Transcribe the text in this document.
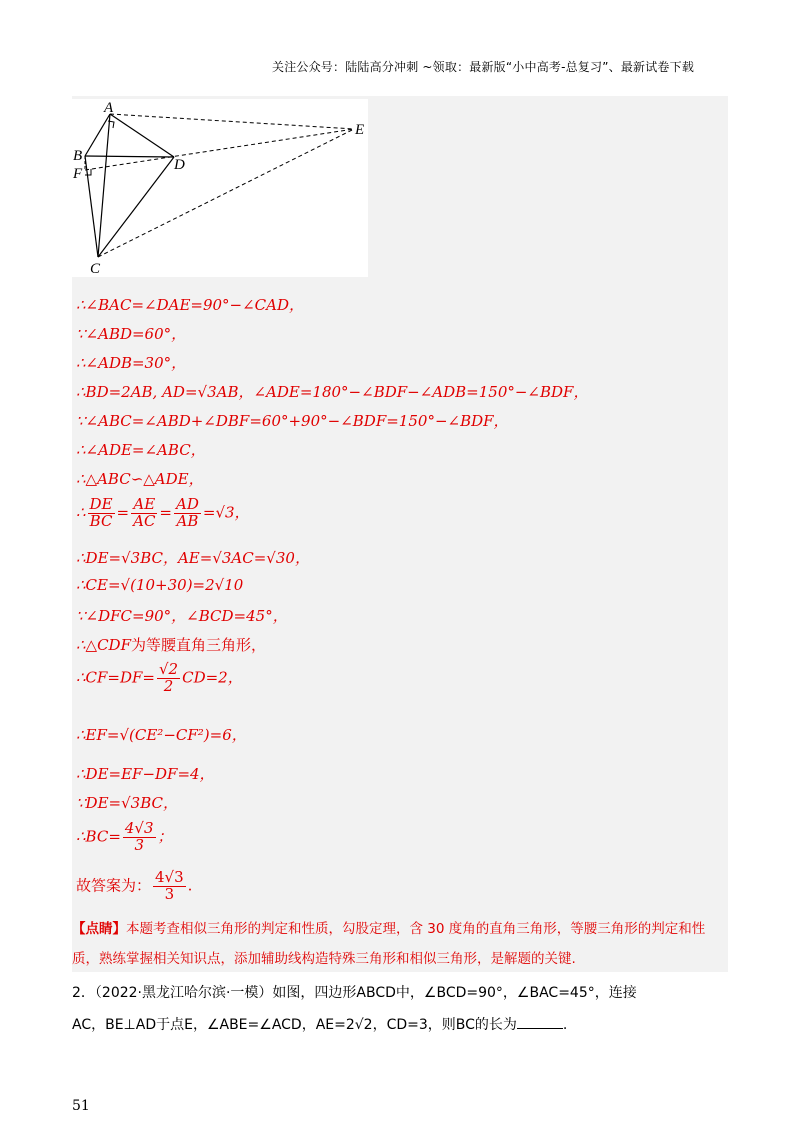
关注公众号：陆陆高分冲刺 ~领取：最新版“小中高考-总复习”、最新试卷下载
A
B
F
D
E
C
∴∠BAC=∠DAE=90°−∠CAD，
∵∠ABD=60°，
∴∠ADB=30°，
∴BD=2AB, AD=√3AB，∠ADE=180°−∠BDF−∠ADB=150°−∠BDF，
∵∠ABC=∠ABD+∠DBF=60°+90°−∠BDF=150°−∠BDF，
∴∠ADE=∠ABC，
∴△ABC∽△ADE，
∴ $\frac{DE}{BC} = \frac{AE}{AC} = \frac{AD}{AB} =√3$，
∴DE=√3BC，AE=√3AC=√30，
∴CE=√(10+30)=2√10
∵∠DFC=90°，∠BCD=45°，
∴△CDF为等腰直角三角形，
∴CF=DF= $\frac{√2}{2} CD=2$，
∴EF=√(CE²−CF²)=6，
∴DE=EF−DF=4，
∵DE=√3BC，
∴BC= $\frac{4√3}{3}$ ；
故答案为： $\frac{4√3}{3}$ .
【点睛】本题考查相似三角形的判定和性质，勾股定理，含 30 度角的直角三角形，等腰三角形的判定和性质，熟练掌握相关知识点，添加辅助线构造特殊三角形和相似三角形，是解题的关键.
2．（2022·黑龙江哈尔滨·一模）如图，四边形ABCD中，∠BCD=90°，∠BAC=45°，连接
AC，BE⊥AD于点E，∠ABE=∠ACD，AE=2√2，CD=3，则BC的长为	.
51
